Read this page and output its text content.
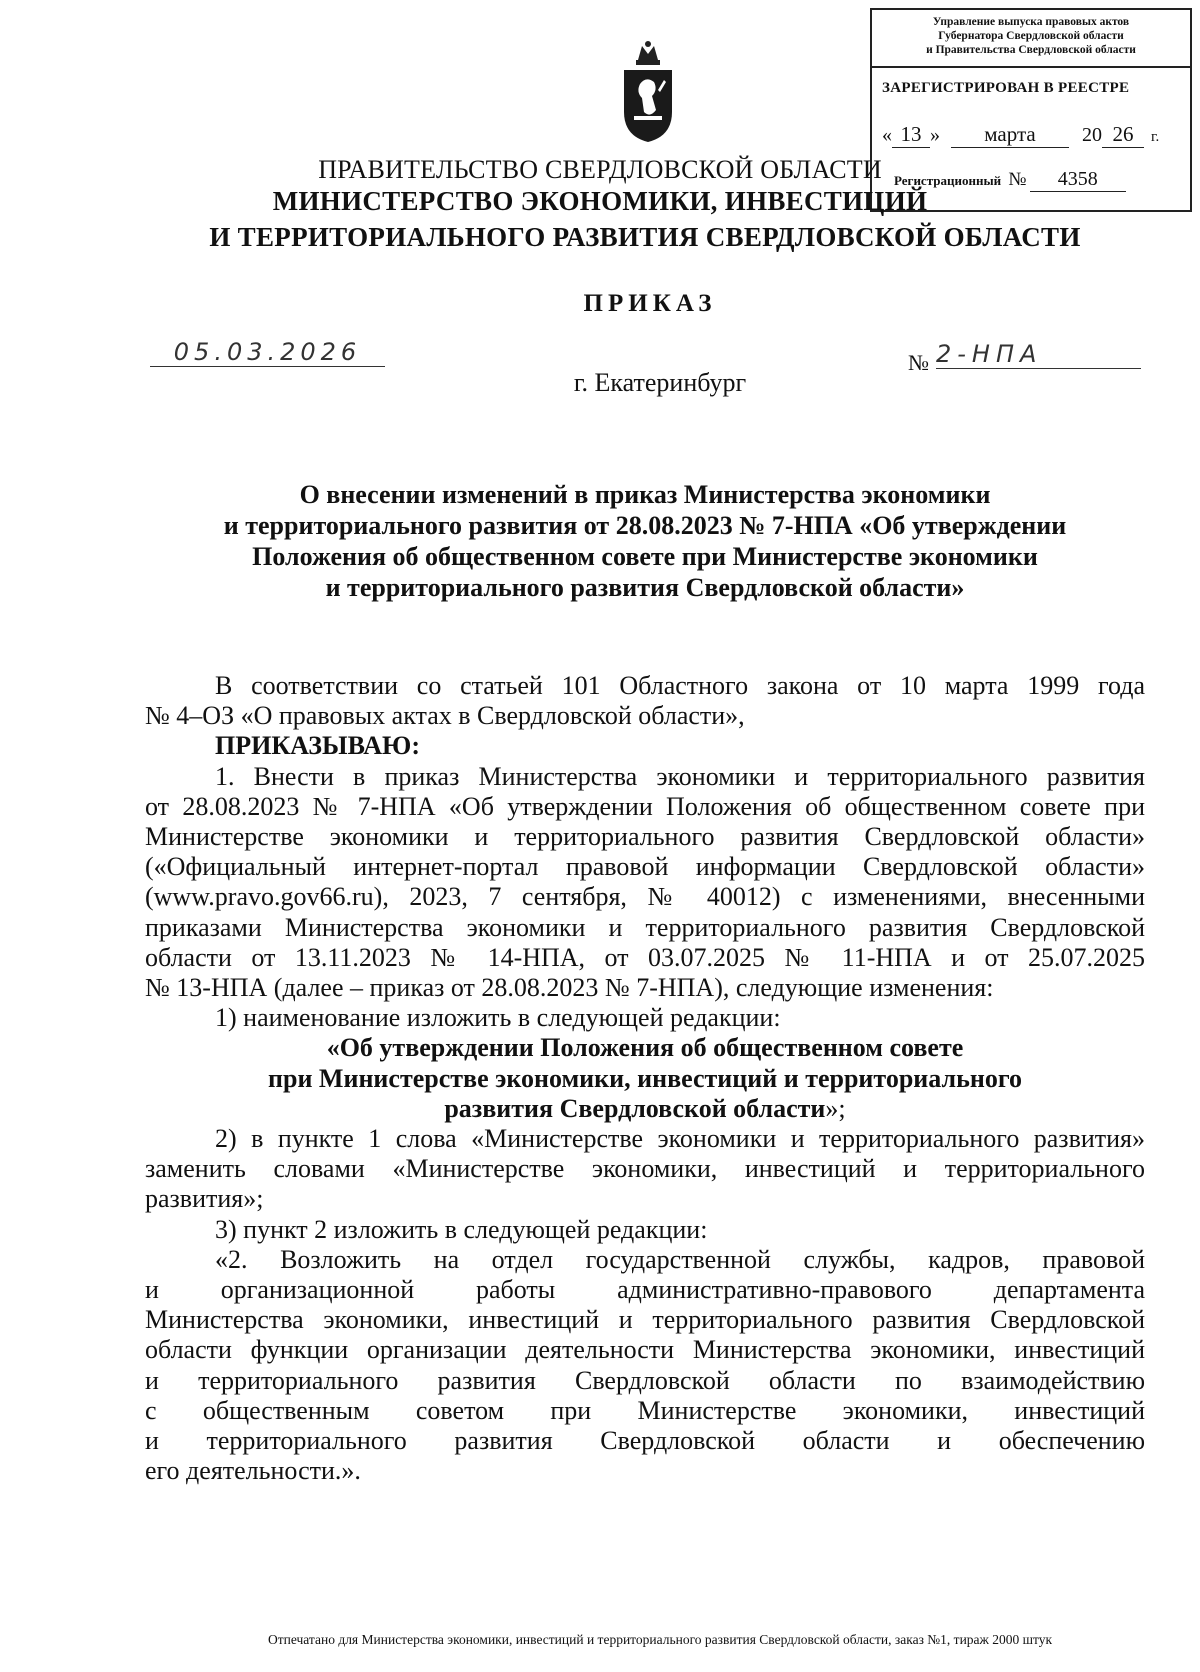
Управление выпуска правовых актов
Губернатора Свердловской области
и Правительства Свердловской области
ЗАРЕГИСТРИРОВАН В РЕЕСТРЕ
« 13 » марта 20 26 г.
Регистрационный № 4358
ПРАВИТЕЛЬСТВО СВЕРДЛОВСКОЙ ОБЛАСТИ
МИНИСТЕРСТВО ЭКОНОМИКИ, ИНВЕСТИЦИЙ
И ТЕРРИТОРИАЛЬНОГО РАЗВИТИЯ СВЕРДЛОВСКОЙ ОБЛАСТИ
ПРИКАЗ
05.03.2026	№ 2-НПА
г. Екатеринбург
О внесении изменений в приказ Министерства экономики
и территориального развития от 28.08.2023 № 7-НПА «Об утверждении
Положения об общественном совете при Министерстве экономики
и территориального развития Свердловской области»

В соответствии со статьей 101 Областного закона от 10 марта 1999 года

№ 4–ОЗ «О правовых актах в Свердловской области»,

ПРИКАЗЫВАЮ:

1. Внести в приказ Министерства экономики и территориального развития

от 28.08.2023 № 7-НПА «Об утверждении Положения об общественном совете при

Министерстве экономики и территориального развития Свердловской области»

(«Официальный интернет-портал правовой информации Свердловской области»

(www.pravo.gov66.ru), 2023, 7 сентября, № 40012) с изменениями, внесенными

приказами Министерства экономики и территориального развития Свердловской

области от 13.11.2023 № 14-НПА, от 03.07.2025 № 11-НПА и от 25.07.2025

№ 13-НПА (далее – приказ от 28.08.2023 № 7-НПА), следующие изменения:

1) наименование изложить в следующей редакции:

«Об утверждении Положения об общественном совете

при Министерстве экономики, инвестиций и территориального

развития Свердловской области»;

2) в пункте 1 слова «Министерстве экономики и территориального развития»

заменить словами «Министерстве экономики, инвестиций и территориального

развития»;

3) пункт 2 изложить в следующей редакции:

«2. Возложить на отдел государственной службы, кадров, правовой

и организационной работы административно-правового департамента

Министерства экономики, инвестиций и территориального развития Свердловской

области функции организации деятельности Министерства экономики, инвестиций

и территориального развития Свердловской области по взаимодействию

с общественным советом при Министерстве экономики, инвестиций

и территориального развития Свердловской области и обеспечению

его деятельности.».

Отпечатано для Министерства экономики, инвестиций и территориального развития Свердловской области, заказ №1, тираж 2000 штук
